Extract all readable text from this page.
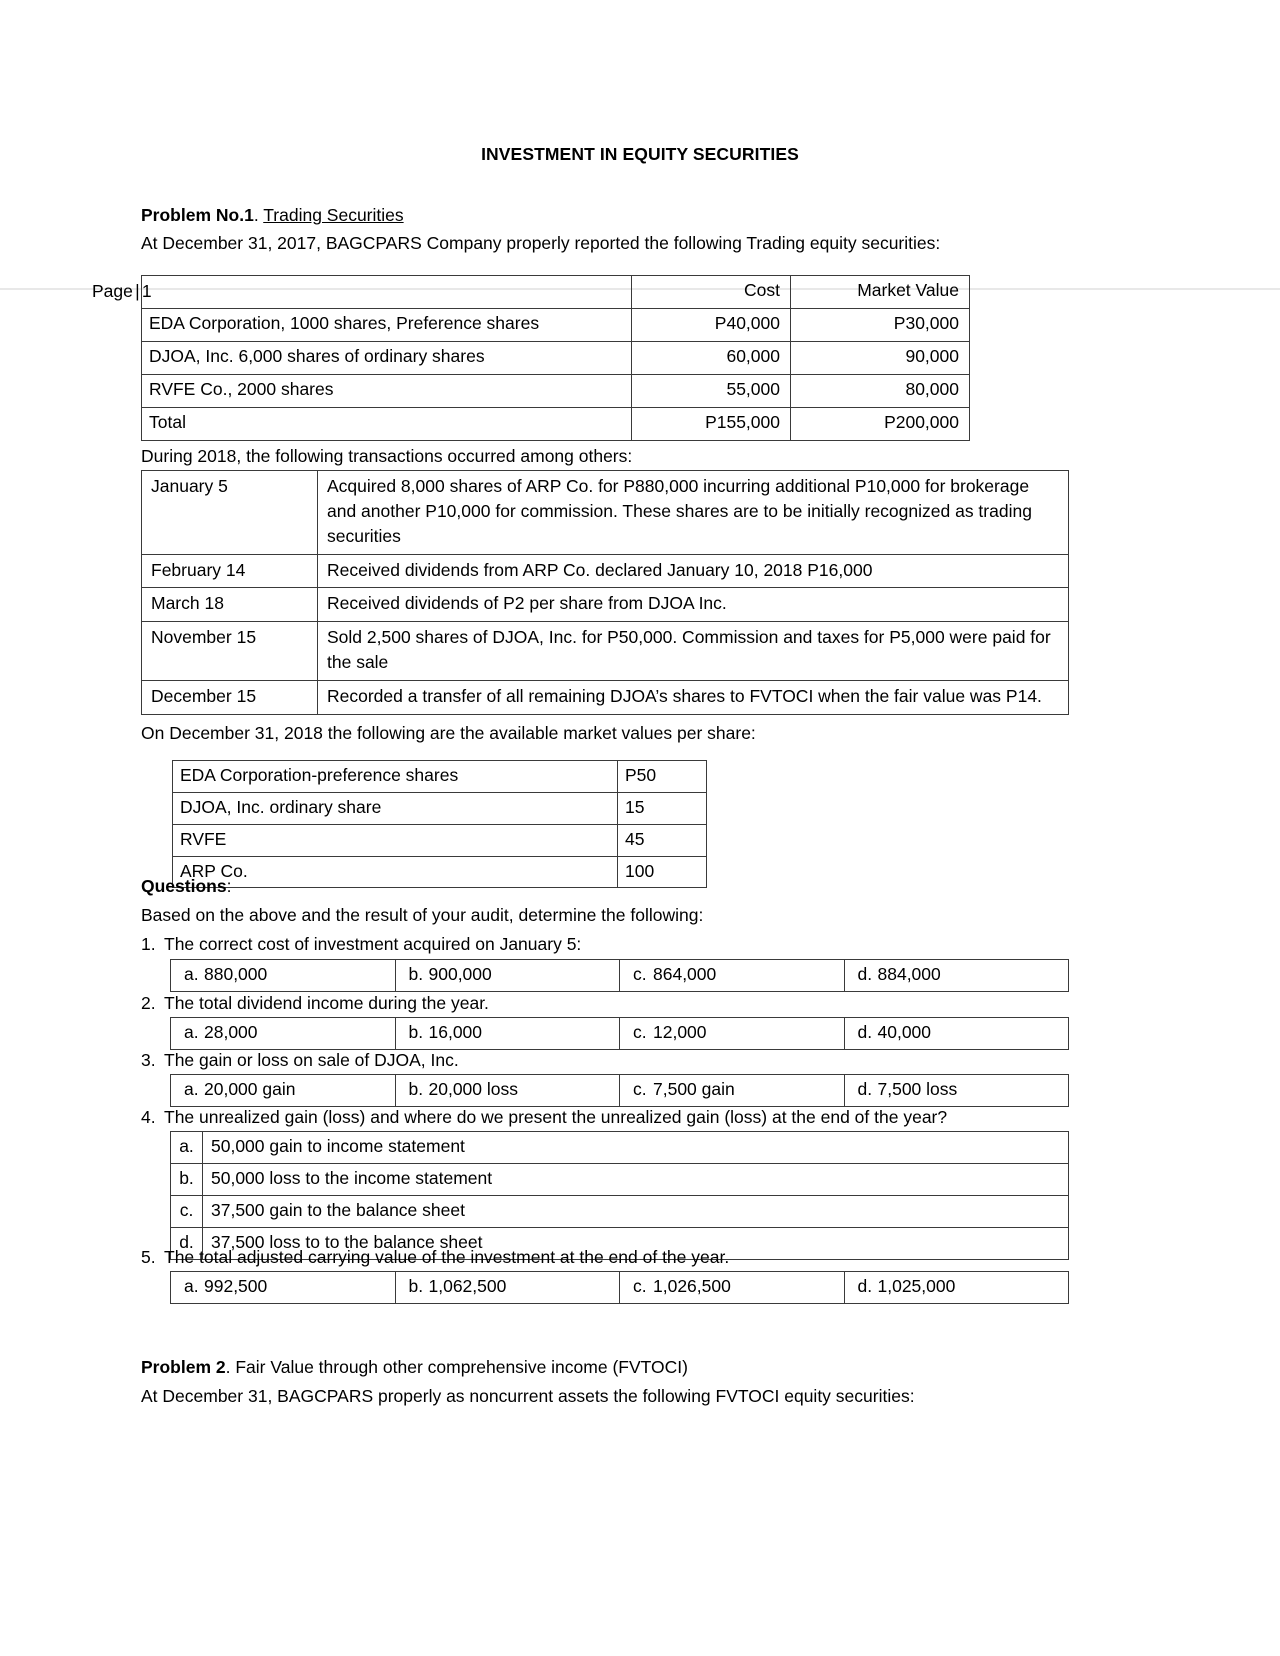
INVESTMENT IN EQUITY SECURITIES
Problem No.1. Trading Securities
At December 31, 2017, BAGCPARS Company properly reported the following Trading equity securities:
Page | 1
		Cost	Market Value
EDA Corporation, 1000 shares, Preference shares	P40,000	P30,000
DJOA, Inc. 6,000 shares of ordinary shares	60,000	90,000
RVFE Co., 2000 shares	55,000	80,000
Total	P155,000	P200,000
During 2018, the following transactions occurred among others:
January 5	Acquired 8,000 shares of ARP Co. for P880,000 incurring additional P10,000 for brokerage and another P10,000 for commission. These shares are to be initially recognized as trading securities
February 14	Received dividends from ARP Co. declared January 10, 2018 P16,000
March 18	Received dividends of P2 per share from DJOA Inc.
November 15	Sold 2,500 shares of DJOA, Inc. for P50,000. Commission and taxes for P5,000 were paid for the sale
December 15	Recorded a transfer of all remaining DJOA’s shares to FVTOCI when the fair value was P14.
On December 31, 2018 the following are the available market values per share:
EDA Corporation-preference shares	P50
DJOA, Inc. ordinary share	15
RVFE	45
ARP Co.	100
Questions:
Based on the above and the result of your audit, determine the following:
1. The correct cost of investment acquired on January 5:
a. 880,000	b. 900,000	c. 864,000	d. 884,000
2. The total dividend income during the year.
a. 28,000	b. 16,000	c. 12,000	d. 40,000
3. The gain or loss on sale of DJOA, Inc.
a. 20,000 gain	b. 20,000 loss	c. 7,500 gain	d. 7,500 loss
4. The unrealized gain (loss) and where do we present the unrealized gain (loss) at the end of the year?
a.	50,000 gain to income statement
b.	50,000 loss to the income statement
c.	37,500 gain to the balance sheet
d.	37,500 loss to to the balance sheet
5. The total adjusted carrying value of the investment at the end of the year.
a. 992,500	b. 1,062,500	c. 1,026,500	d. 1,025,000
Problem 2. Fair Value through other comprehensive income (FVTOCI)
At December 31, BAGCPARS properly as noncurrent assets the following FVTOCI equity securities:
